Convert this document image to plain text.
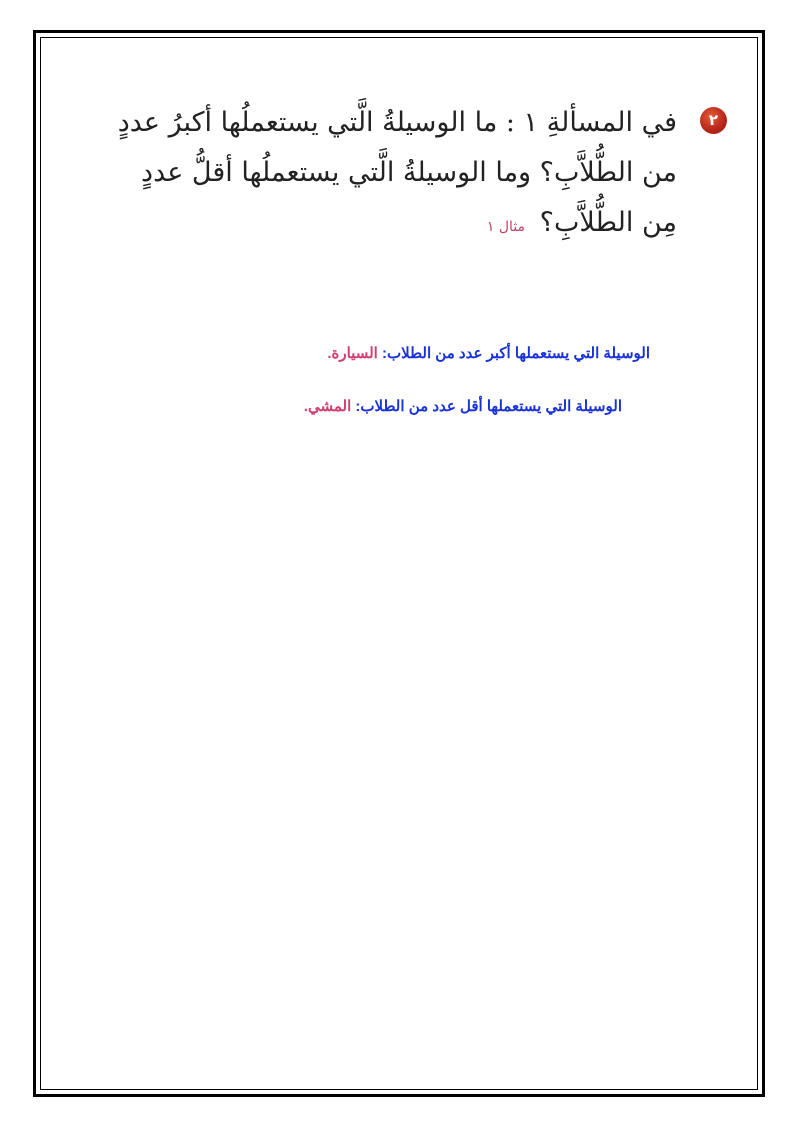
٢
في المسألةِ ١ : ما الوسيلةُ الَّتي يستعملُها أكبرُ عددٍ
من الطُّلاَّبِ؟ وما الوسيلةُ الَّتي يستعملُها أقلُّ عددٍ
مِن الطُّلاَّبِ؟ مثال ١
الوسيلة التي يستعملها أكبر عدد من الطلاب: السيارة.
الوسيلة التي يستعملها أقل عدد من الطلاب: المشي.
